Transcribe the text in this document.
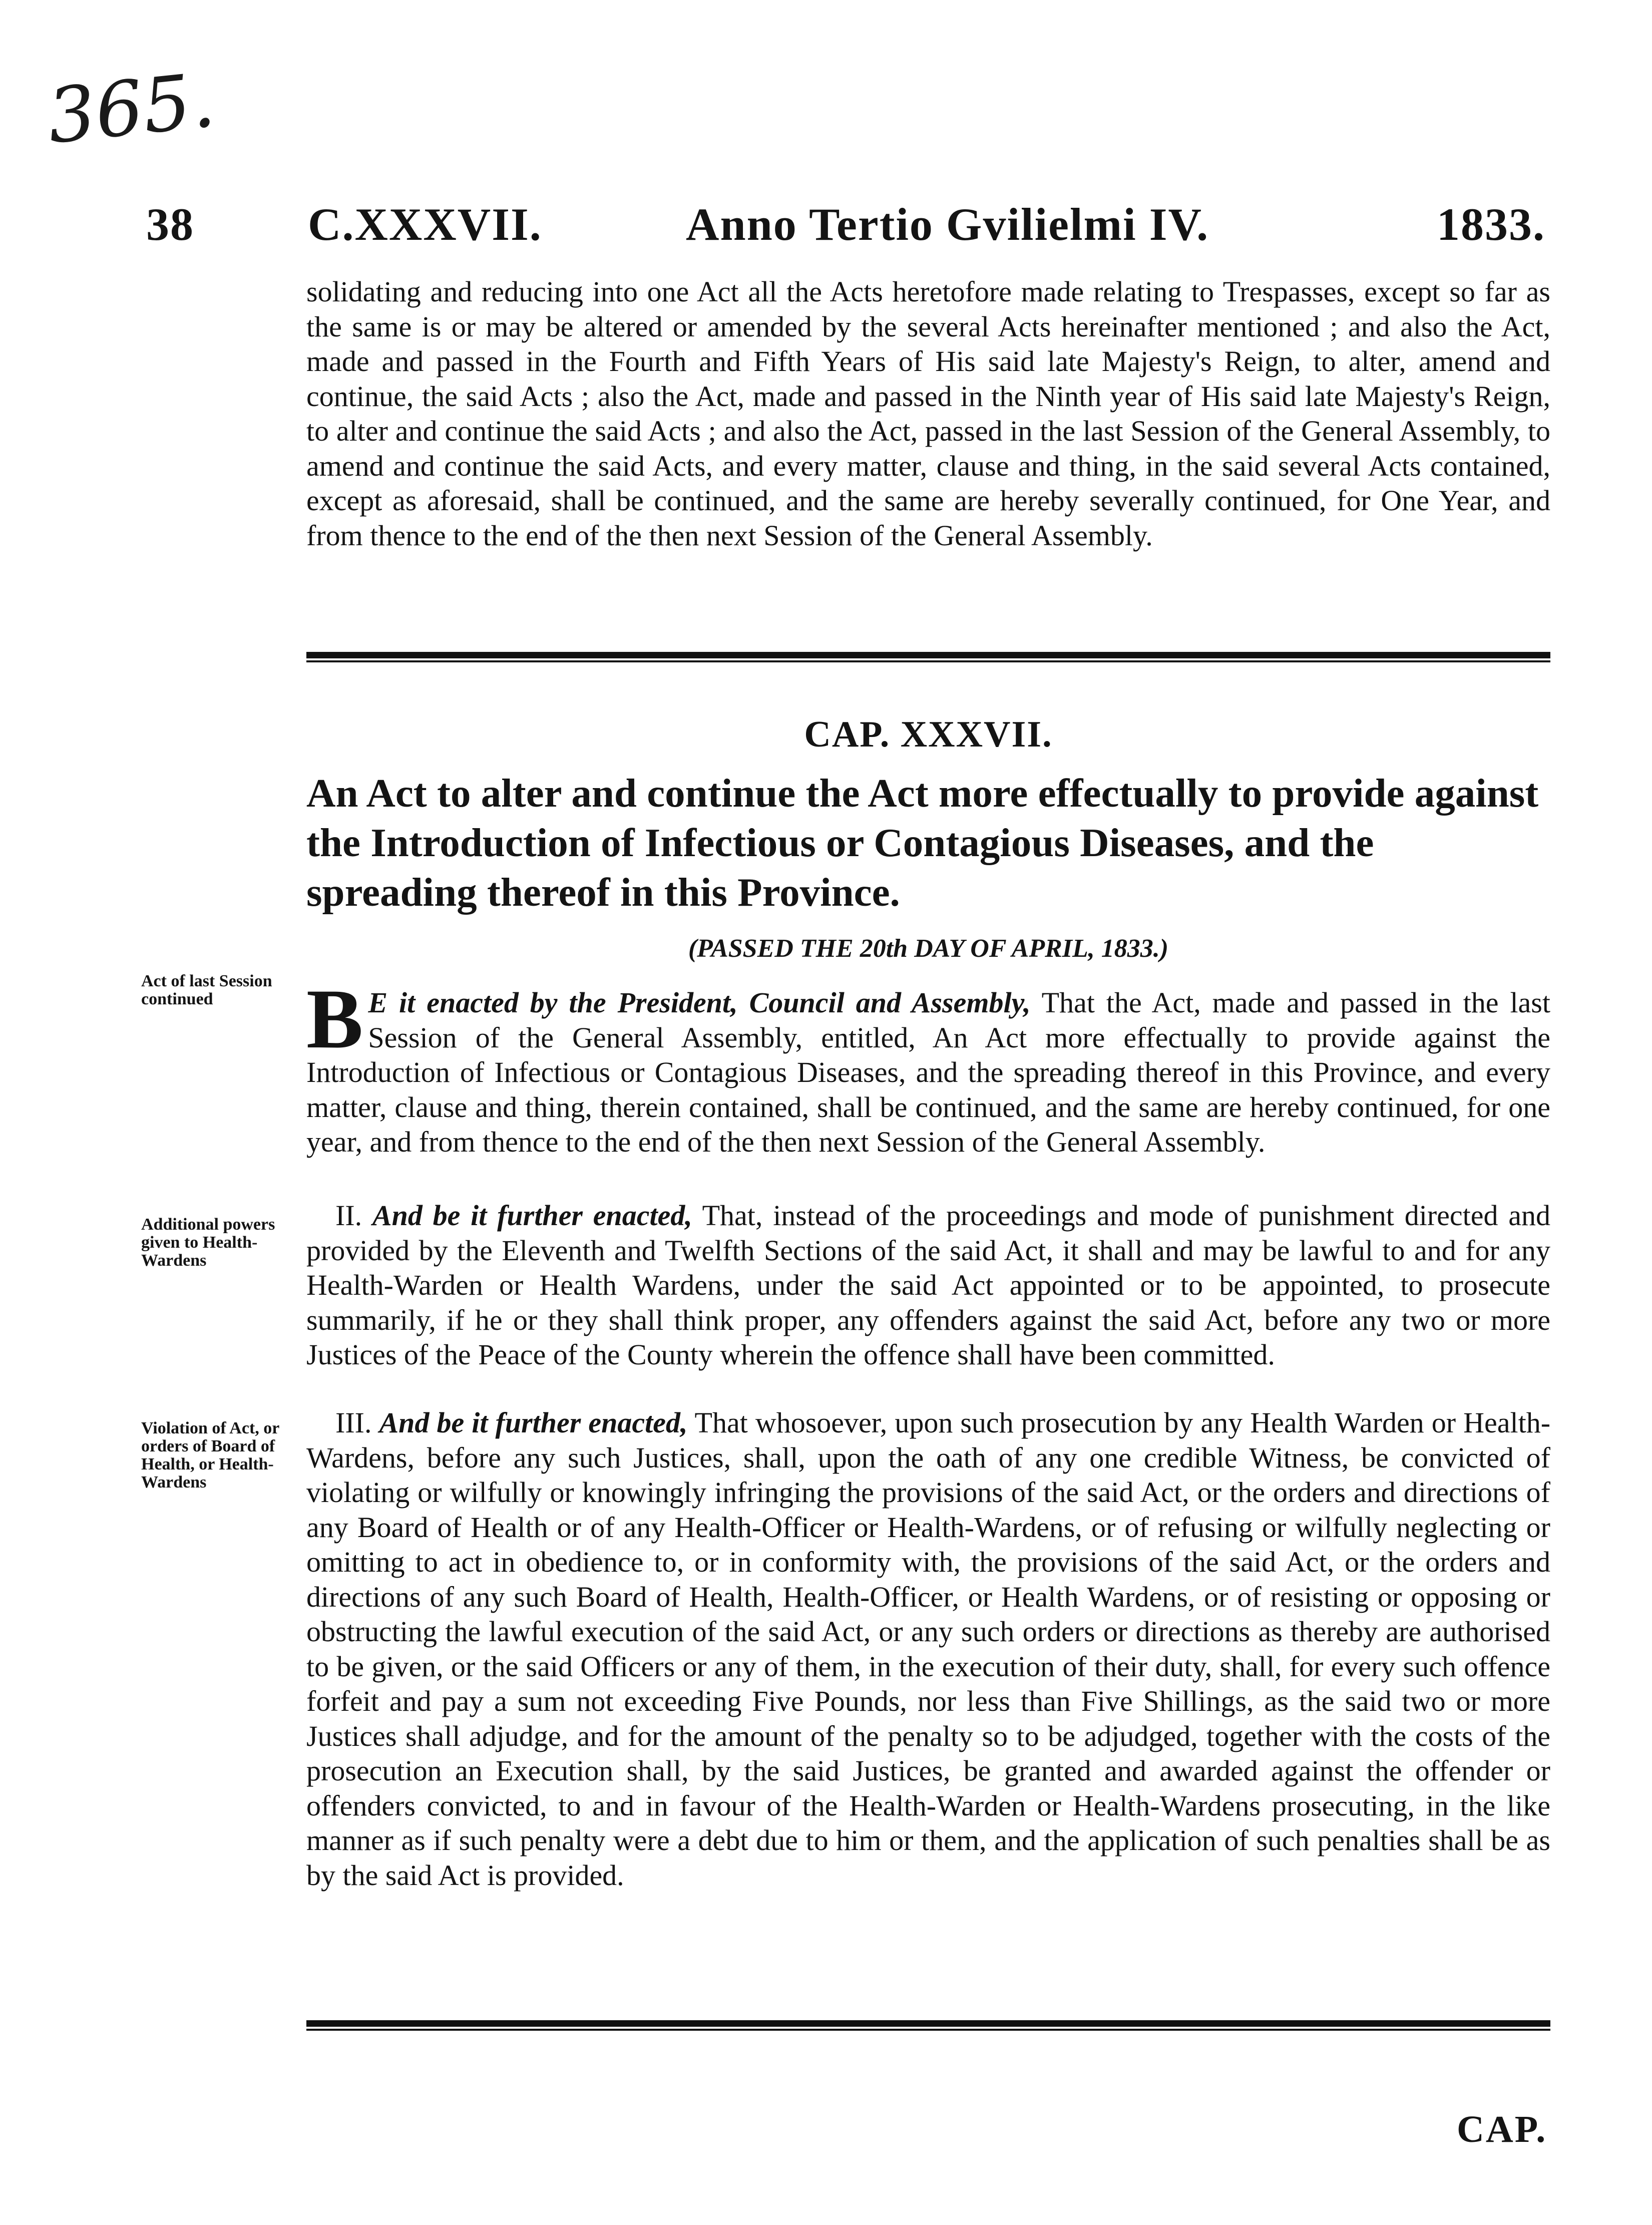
365.
38 C.XXXVII.	Anno Tertio Gvilielmi IV.	1833.

solidating and reducing into one Act all the Acts heretofore made relating to Trespasses, except so far as the same is or may be altered or amended by the several Acts hereinafter mentioned ; and also the Act, made and passed in the Fourth and Fifth Years of His said late Majesty's Reign, to alter, amend and continue, the said Acts ; also the Act, made and passed in the Ninth year of His said late Majesty's Reign, to alter and continue the said Acts ; and also the Act, passed in the last Session of the General Assembly, to amend and continue the said Acts, and every matter, clause and thing, in the said several Acts contained, except as aforesaid, shall be continued, and the same are hereby severally continued, for One Year, and from thence to the end of the then next Session of the General Assembly.

CAP. XXXVII.

An Act to alter and continue the Act more effectually to provide against the Introduction of Infectious or Contagious Diseases, and the spreading thereof in this Province.

(PASSED THE 20th DAY OF APRIL, 1833.)

Act of last Session continued

Additional powers given to Health-Wardens

Violation of Act, or orders of Board of Health, or Health-Wardens

B E it enacted by the President, Council and Assembly, That the Act, made and passed in the last Session of the General Assembly, entitled, An Act more effectually to provide against the Introduction of Infectious or Contagious Diseases, and the spreading thereof in this Province, and every matter, clause and thing, therein contained, shall be continued, and the same are hereby continued, for one year, and from thence to the end of the then next Session of the General Assembly.

 II. And be it further enacted, That, instead of the proceedings and mode of punishment directed and provided by the Eleventh and Twelfth Sections of the said Act, it shall and may be lawful to and for any Health-Warden or Health Wardens, under the said Act appointed or to be appointed, to prosecute summarily, if he or they shall think proper, any offenders against the said Act, before any two or more Justices of the Peace of the County wherein the offence shall have been committed.

 III. And be it further enacted, That whosoever, upon such prosecution by any Health Warden or Health-Wardens, before any such Justices, shall, upon the oath of any one credible Witness, be convicted of violating or wilfully or knowingly infringing the provisions of the said Act, or the orders and directions of any Board of Health or of any Health-Officer or Health-Wardens, or of refusing or wilfully neglecting or omitting to act in obedience to, or in conformity with, the provisions of the said Act, or the orders and directions of any such Board of Health, Health-Officer, or Health Wardens, or of resisting or opposing or obstructing the lawful execution of the said Act, or any such orders or directions as thereby are authorised to be given, or the said Officers or any of them, in the execution of their duty, shall, for every such offence forfeit and pay a sum not exceeding Five Pounds, nor less than Five Shillings, as the said two or more Justices shall adjudge, and for the amount of the penalty so to be adjudged, together with the costs of the prosecution an Execution shall, by the said Justices, be granted and awarded against the offender or offenders convicted, to and in favour of the Health-Warden or Health-Wardens prosecuting, in the like manner as if such penalty were a debt due to him or them, and the application of such penalties shall be as by the said Act is provided.

CAP.
